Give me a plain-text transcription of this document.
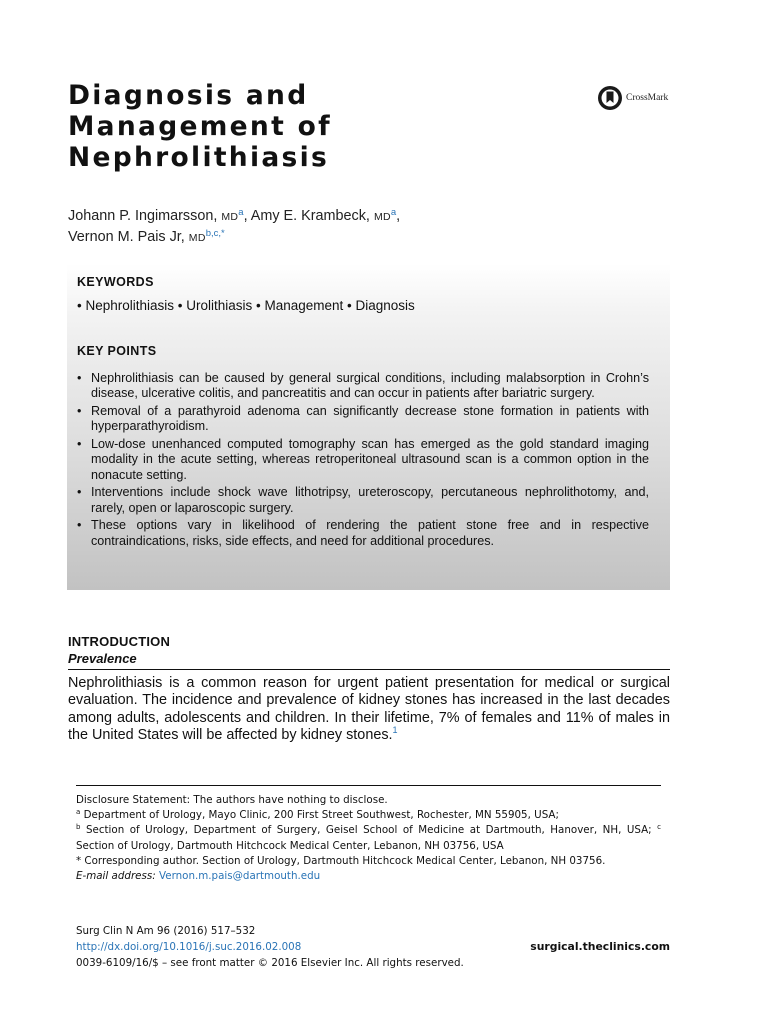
Diagnosis and
Management of
Nephrolithiasis
CrossMark
Johann P. Ingimarsson, $MD^a$, Amy E. Krambeck, $MD^a$,
Vernon M. Pais Jr, $MD^{b,c,*}$
KEYWORDS
• Nephrolithiasis • Urolithiasis • Management • Diagnosis
KEY POINTS
• Nephrolithiasis can be caused by general surgical conditions, including malabsorption in Crohn’s disease, ulcerative colitis, and pancreatitis and can occur in patients after bariatric surgery.
• Removal of a parathyroid adenoma can significantly decrease stone formation in patients with hyperparathyroidism.
• Low-dose unenhanced computed tomography scan has emerged as the gold standard imaging modality in the acute setting, whereas retroperitoneal ultrasound scan is a common option in the nonacute setting.
• Interventions include shock wave lithotripsy, ureteroscopy, percutaneous nephrolithotomy, and, rarely, open or laparoscopic surgery.
• These options vary in likelihood of rendering the patient stone free and in respective contraindications, risks, side effects, and need for additional procedures.
INTRODUCTION
Prevalence

Nephrolithiasis is a common reason for urgent patient presentation for medical or surgical evaluation. The incidence and prevalence of kidney stones has increased in the last decades among adults, adolescents and children. In their lifetime, 7% of females and 11% of males in the United States will be affected by kidney stones.$^1$

Disclosure Statement: The authors have nothing to disclose.

$^a$ Department of Urology, Mayo Clinic, 200 First Street Southwest, Rochester, MN 55905, USA;

$^b$ Section of Urology, Department of Surgery, Geisel School of Medicine at Dartmouth, Hanover, NH, USA; $^c$ Section of Urology, Dartmouth Hitchcock Medical Center, Lebanon, NH 03756, USA

* Corresponding author. Section of Urology, Dartmouth Hitchcock Medical Center, Lebanon, NH 03756.

E-mail address: Vernon.m.pais@dartmouth.edu

Surg Clin N Am 96 (2016) 517–532
http://dx.doi.org/10.1016/j.suc.2016.02.008	surgical.theclinics.com
0039-6109/16/$ – see front matter © 2016 Elsevier Inc. All rights reserved.
